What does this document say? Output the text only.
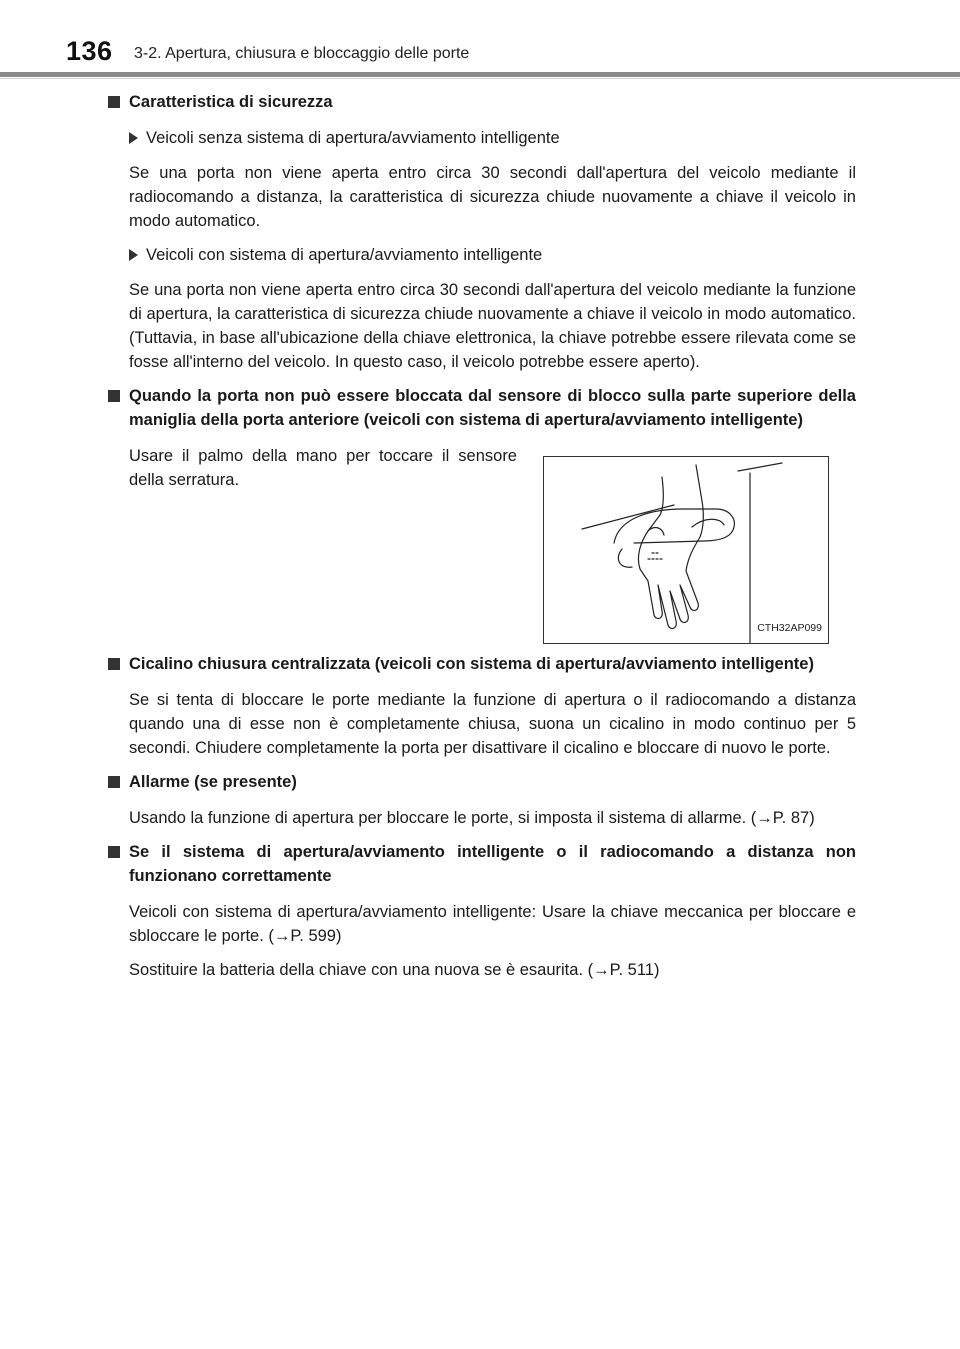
136 3-2. Apertura, chiusura e bloccaggio delle porte
Caratteristica di sicurezza
Veicoli senza sistema di apertura/avviamento intelligente
Se una porta non viene aperta entro circa 30 secondi dall'apertura del veicolo mediante il radiocomando a distanza, la caratteristica di sicurezza chiude nuovamente a chiave il veicolo in modo automatico.
Veicoli con sistema di apertura/avviamento intelligente
Se una porta non viene aperta entro circa 30 secondi dall'apertura del veicolo mediante la funzione di apertura, la caratteristica di sicurezza chiude nuovamente a chiave il veicolo in modo automatico. (Tuttavia, in base all'ubicazione della chiave elettronica, la chiave potrebbe essere rilevata come se fosse all'interno del veicolo. In questo caso, il veicolo potrebbe essere aperto).
Quando la porta non può essere bloccata dal sensore di blocco sulla parte superiore della maniglia della porta anteriore (veicoli con sistema di apertura/avviamento intelligente)
Usare il palmo della mano per toccare il sensore della serratura.
CTH32AP099
Cicalino chiusura centralizzata (veicoli con sistema di apertura/avviamento intelligente)
Se si tenta di bloccare le porte mediante la funzione di apertura o il radiocomando a distanza quando una di esse non è completamente chiusa, suona un cicalino in modo continuo per 5 secondi. Chiudere completamente la porta per disattivare il cicalino e bloccare di nuovo le porte.
Allarme (se presente)
Usando la funzione di apertura per bloccare le porte, si imposta il sistema di allarme. (→P. 87)
Se il sistema di apertura/avviamento intelligente o il radiocomando a distanza non funzionano correttamente
Veicoli con sistema di apertura/avviamento intelligente: Usare la chiave meccanica per bloccare e sbloccare le porte. (→P. 599)
Sostituire la batteria della chiave con una nuova se è esaurita. (→P. 511)
